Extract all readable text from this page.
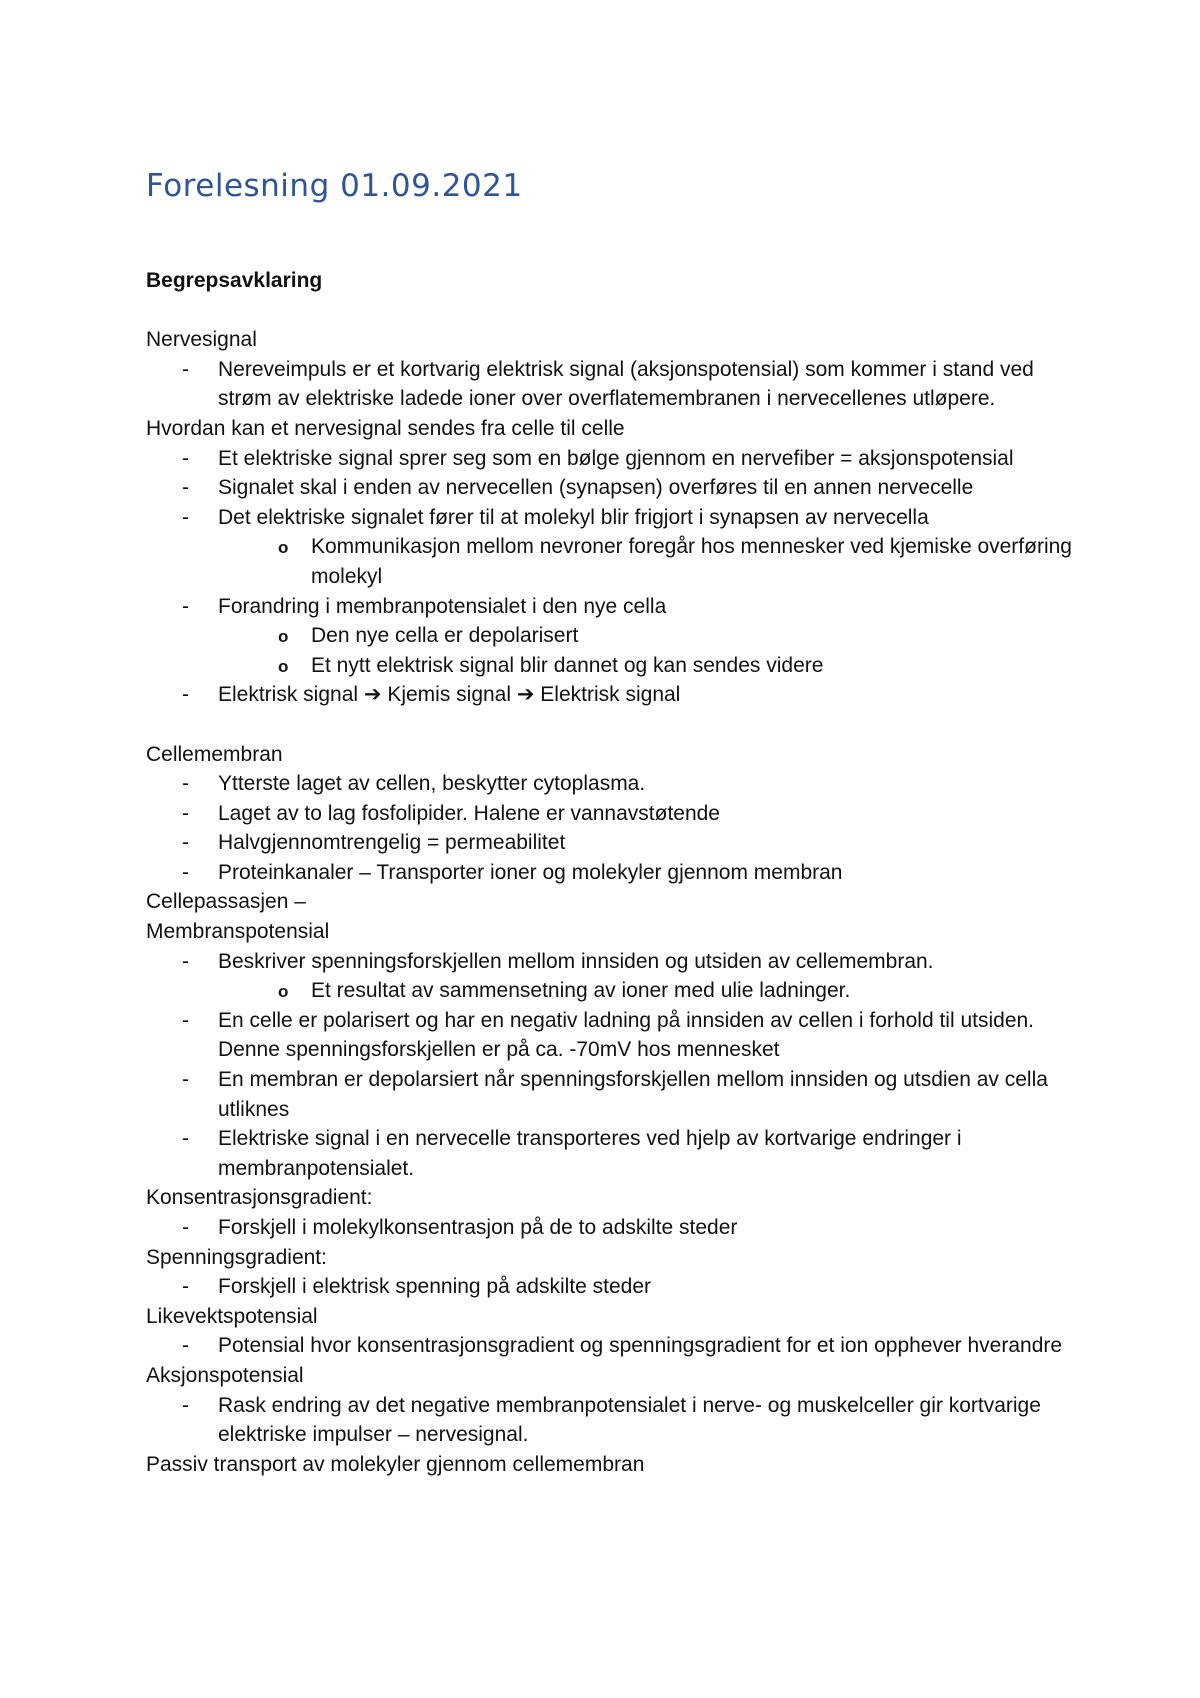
Forelesning 01.09.2021
Begrepsavklaring
Nervesignal
- Nereveimpuls er et kortvarig elektrisk signal (aksjonspotensial) som kommer i stand ved strøm av elektriske ladede ioner over overflatemembranen i nervecellenes utløpere.
Hvordan kan et nervesignal sendes fra celle til celle
- Et elektriske signal sprer seg som en bølge gjennom en nervefiber = aksjonspotensial
- Signalet skal i enden av nervecellen (synapsen) overføres til en annen nervecelle
- Det elektriske signalet fører til at molekyl blir frigjort i synapsen av nervecella
o Kommunikasjon mellom nevroner foregår hos mennesker ved kjemiske overføring molekyl
- Forandring i membranpotensialet i den nye cella
o Den nye cella er depolarisert
o Et nytt elektrisk signal blir dannet og kan sendes videre
- Elektrisk signal ➔ Kjemis signal ➔ Elektrisk signal
Cellemembran
- Ytterste laget av cellen, beskytter cytoplasma.
- Laget av to lag fosfolipider. Halene er vannavstøtende
- Halvgjennomtrengelig = permeabilitet
- Proteinkanaler – Transporter ioner og molekyler gjennom membran
Cellepassasjen –
Membranspotensial
- Beskriver spenningsforskjellen mellom innsiden og utsiden av cellemembran.
o Et resultat av sammensetning av ioner med ulie ladninger.
- En celle er polarisert og har en negativ ladning på innsiden av cellen i forhold til utsiden. Denne spenningsforskjellen er på ca. -70mV hos mennesket
- En membran er depolarsiert når spenningsforskjellen mellom innsiden og utsdien av cella utliknes
- Elektriske signal i en nervecelle transporteres ved hjelp av kortvarige endringer i membranpotensialet.
Konsentrasjonsgradient:
- Forskjell i molekylkonsentrasjon på de to adskilte steder
Spenningsgradient:
- Forskjell i elektrisk spenning på adskilte steder
Likevektspotensial
- Potensial hvor konsentrasjonsgradient og spenningsgradient for et ion opphever hverandre
Aksjonspotensial
- Rask endring av det negative membranpotensialet i nerve- og muskelceller gir kortvarige elektriske impulser – nervesignal.
Passiv transport av molekyler gjennom cellemembran
